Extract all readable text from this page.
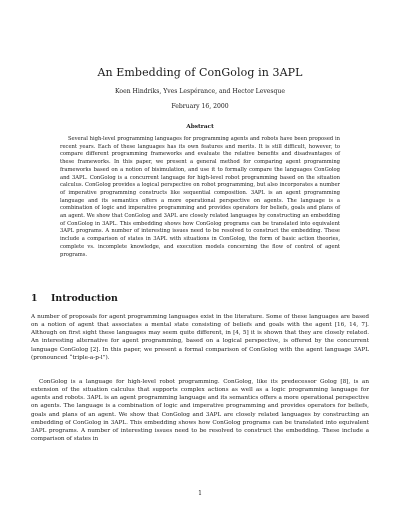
An Embedding of ConGolog in 3APL
Koen Hindriks, Yves Lespérance, and Hector Levesque
February 16, 2000
Abstract

Several high-level programming languages for programming agents and robots have been proposed in recent years. Each of these languages has its own features and merits. It is still difficult, however, to compare different programming frameworks and evaluate the relative benefits and disadvantages of these frameworks. In this paper, we present a general method for comparing agent programming frameworks based on a notion of bisimulation, and use it to formally compare the languages ConGolog and 3APL. ConGolog is a concurrent language for high-level robot programming based on the situation calculus. ConGolog provides a logical perspective on robot programming, but also incorporates a number of imperative programming constructs like sequential composition. 3APL is an agent programming language and its semantics offers a more operational perspective on agents. The language is a combination of logic and imperative programming and provides operators for beliefs, goals and plans of an agent. We show that ConGolog and 3APL are closely related languages by constructing an embedding of ConGolog in 3APL. This embedding shows how ConGolog programs can be translated into equivalent 3APL programs. A number of interesting issues need to be resolved to construct the embedding. These include a comparison of states in 3APL with situations in ConGolog, the form of basic action theories, complete vs. incomplete knowledge, and execution models concerning the flow of control of agent programs.

1 Introduction

A number of proposals for agent programming languages exist in the literature. Some of these languages are based on a notion of agent that associates a mental state consisting of beliefs and goals with the agent [16, 14, 7]. Although on first sight these languages may seem quite different, in [4, 5] it is shown that they are closely related. An interesting alternative for agent programming, based on a logical perspective, is offered by the concurrent language ConGolog [2]. In this paper, we present a formal comparison of ConGolog with the agent language 3APL (pronounced “triple-a-p-l”).

ConGolog is a language for high-level robot programming. ConGolog, like its predecessor Golog [8], is an extension of the situation calculus that supports complex actions as well as a logic programming language for agents and robots. 3APL is an agent programming language and its semantics offers a more operational perspective on agents. The language is a combination of logic and imperative programming and provides operators for beliefs, goals and plans of an agent. We show that ConGolog and 3APL are closely related languages by constructing an embedding of ConGolog in 3APL. This embedding shows how ConGolog programs can be translated into equivalent 3APL programs. A number of interesting issues need to be resolved to construct the embedding. These include a comparison of states in

1
